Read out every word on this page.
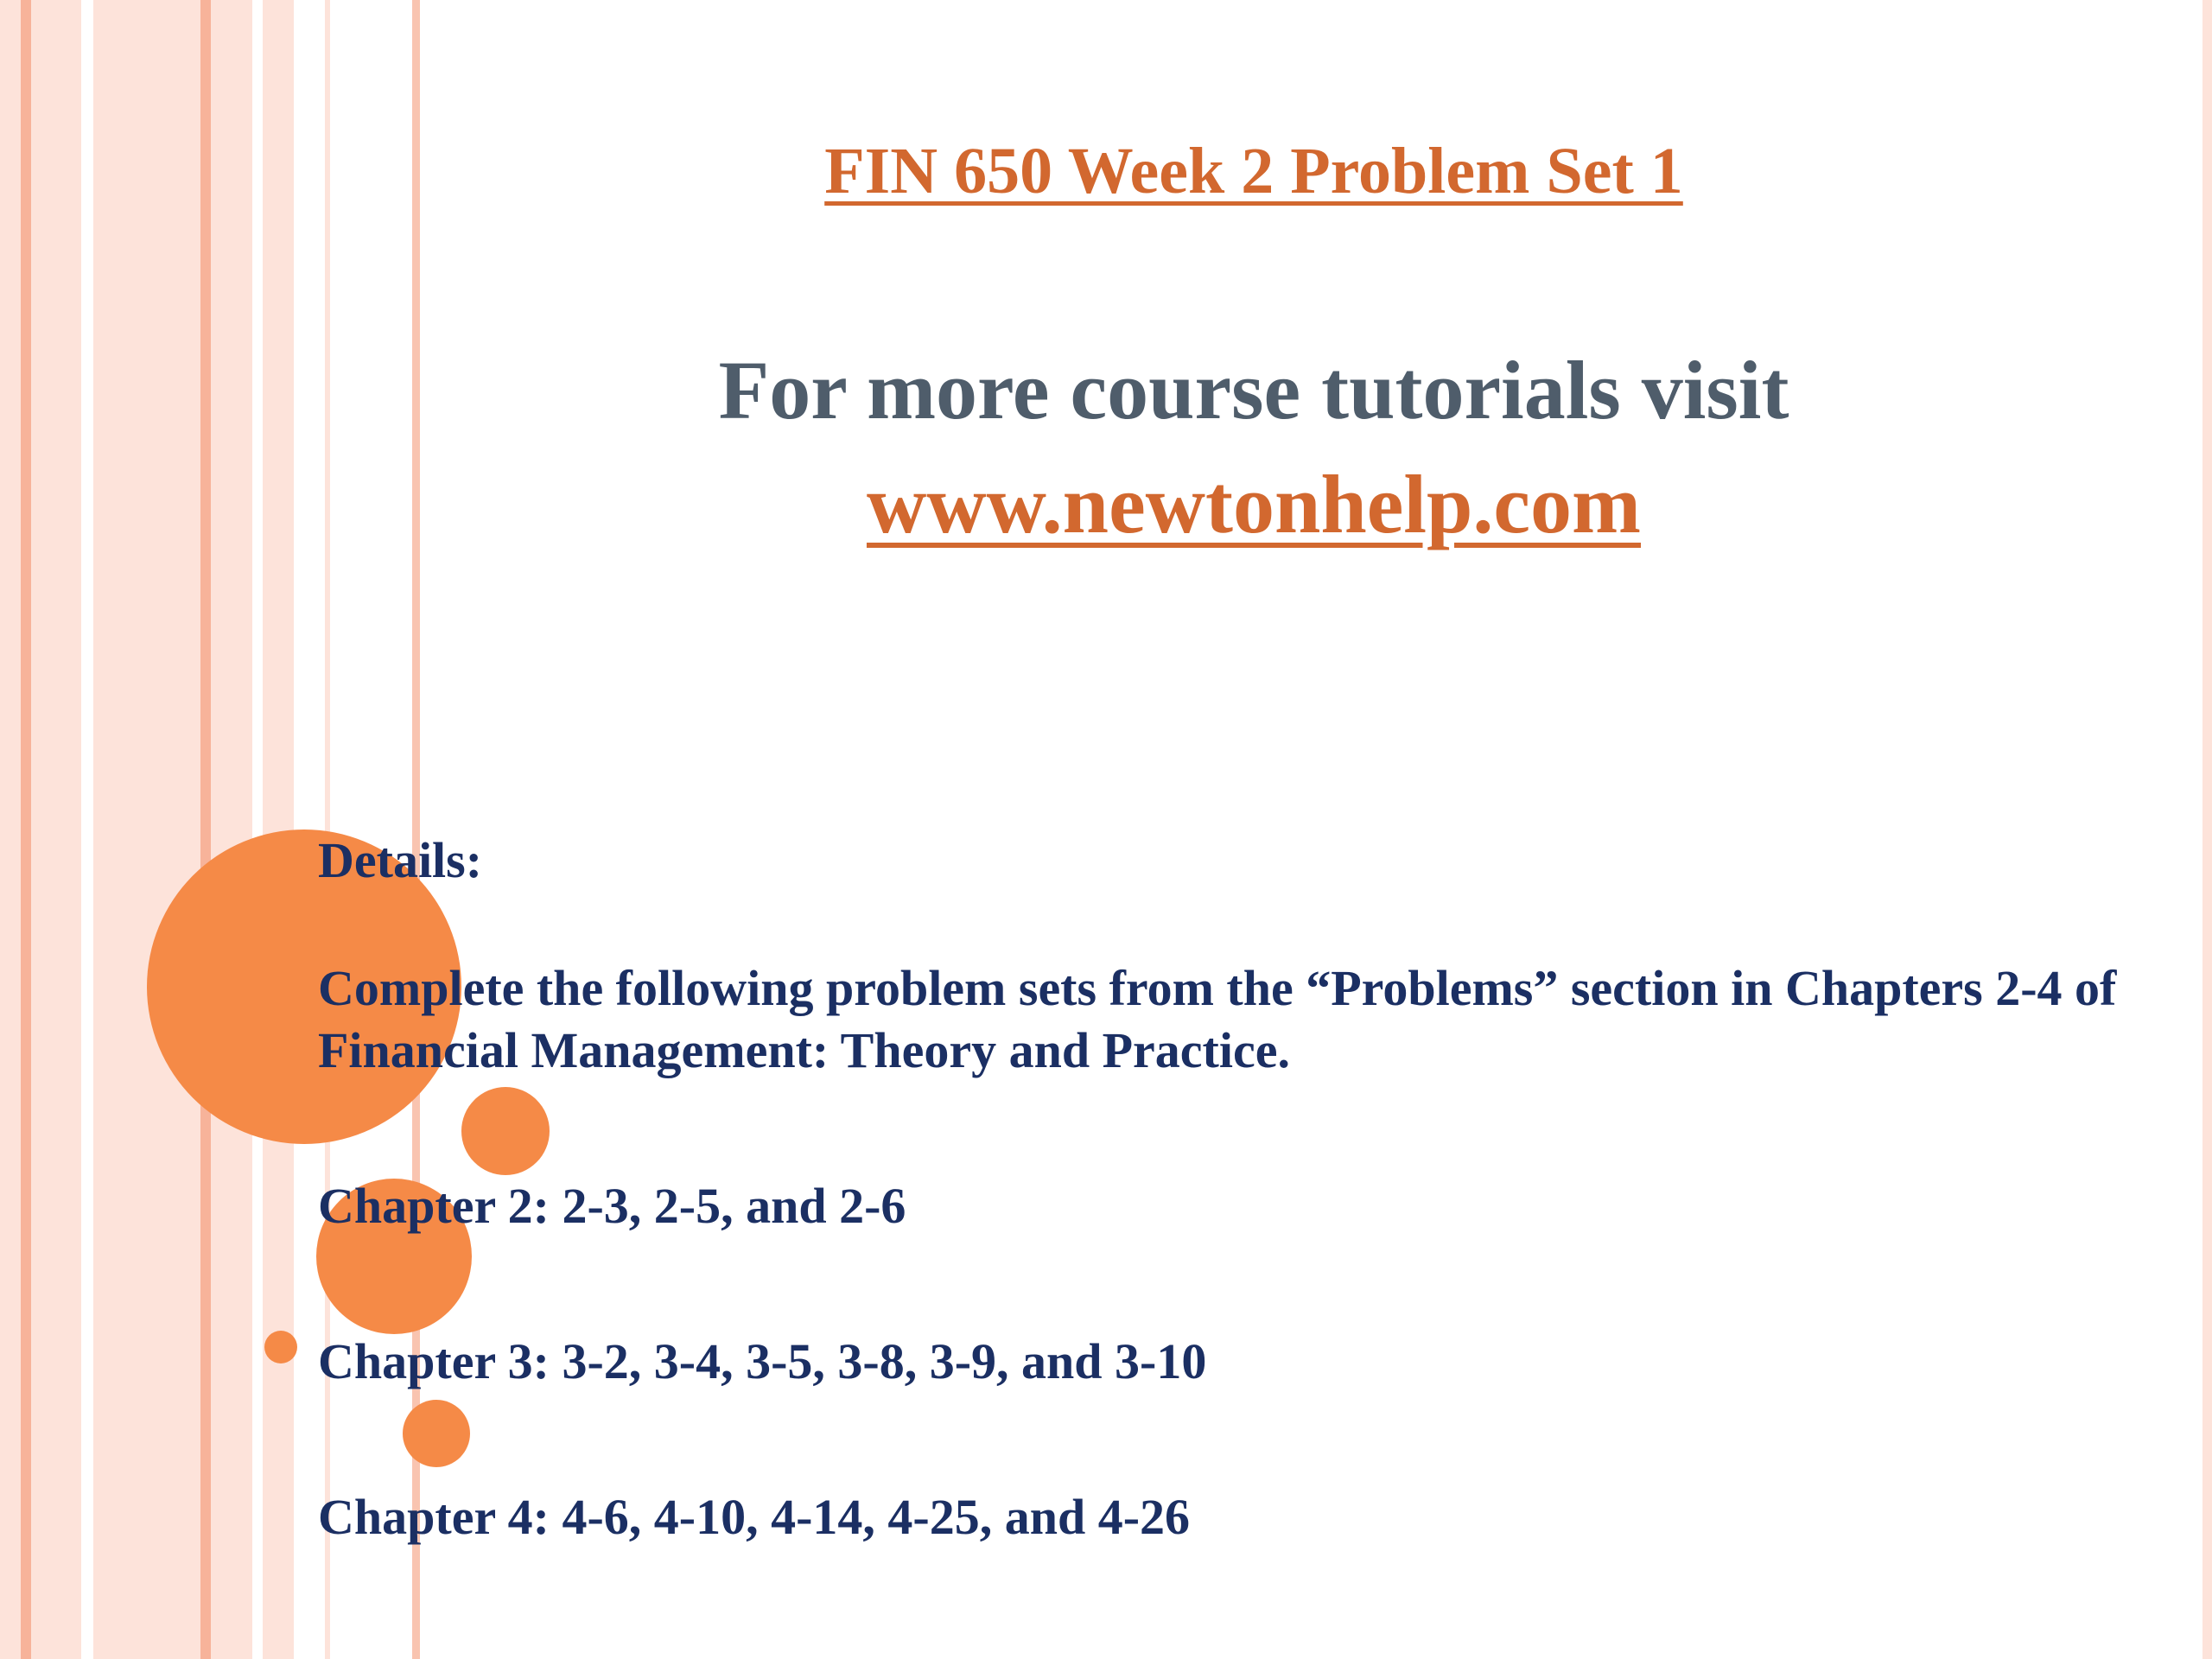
FIN 650 Week 2 Problem Set 1
For more course tutorials visit
www.newtonhelp.com

Details:

Complete the following problem sets from the “Problems” section in Chapters 2-4 of Financial Management: Theory and Practice.

Chapter 2: 2-3, 2-5, and 2-6

Chapter 3: 3-2, 3-4, 3-5, 3-8, 3-9, and 3-10

Chapter 4: 4-6, 4-10, 4-14, 4-25, and 4-26
